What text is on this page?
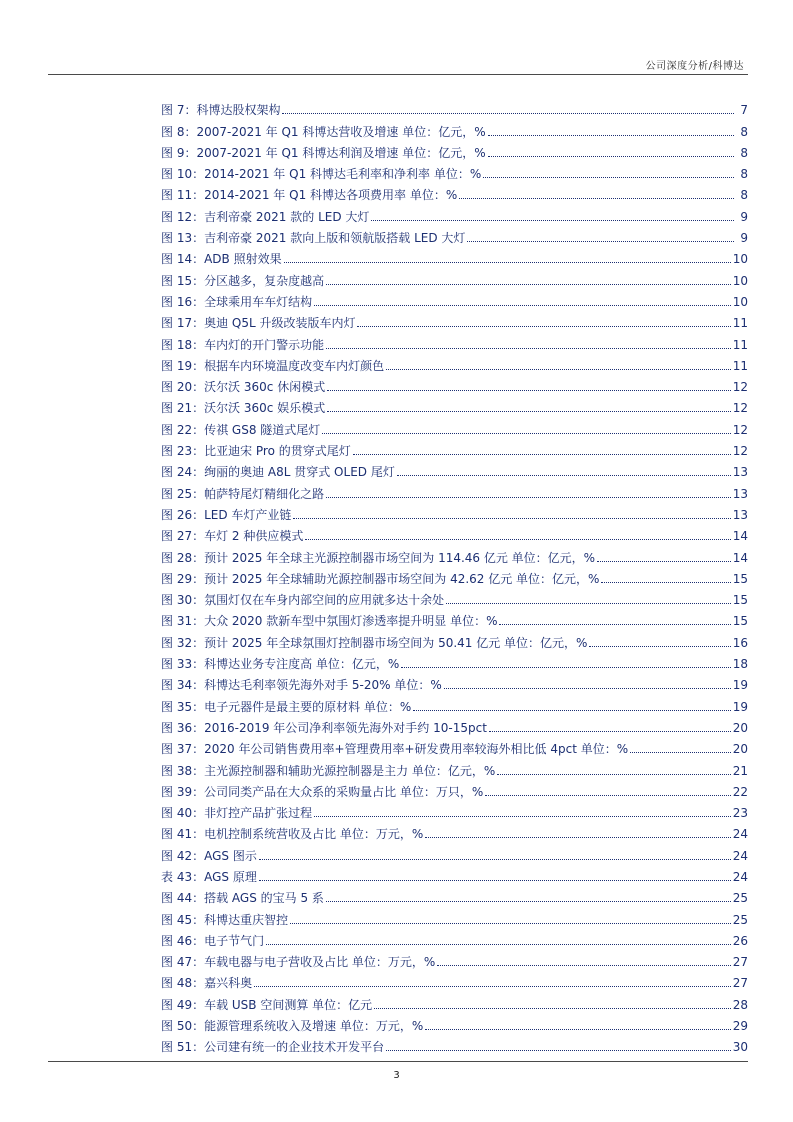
公司深度分析/科博达
图 7：科博达股权架构	7
图 8：2007-2021 年 Q1 科博达营收及增速 单位：亿元，%	8
图 9：2007-2021 年 Q1 科博达利润及增速 单位：亿元，%	8
图 10：2014-2021 年 Q1 科博达毛利率和净利率 单位：%	8
图 11：2014-2021 年 Q1 科博达各项费用率 单位：%	8
图 12：吉利帝豪 2021 款的 LED 大灯	9
图 13：吉利帝豪 2021 款向上版和领航版搭载 LED 大灯	9
图 14：ADB 照射效果	10
图 15：分区越多，复杂度越高	10
图 16：全球乘用车车灯结构	10
图 17：奥迪 Q5L 升级改装版车内灯	11
图 18：车内灯的开门警示功能	11
图 19：根据车内环境温度改变车内灯颜色	11
图 20：沃尔沃 360c 休闲模式	12
图 21：沃尔沃 360c 娱乐模式	12
图 22：传祺 GS8 隧道式尾灯	12
图 23：比亚迪宋 Pro 的贯穿式尾灯	12
图 24：绚丽的奥迪 A8L 贯穿式 OLED 尾灯	13
图 25：帕萨特尾灯精细化之路	13
图 26：LED 车灯产业链	13
图 27：车灯 2 种供应模式	14
图 28：预计 2025 年全球主光源控制器市场空间为 114.46 亿元 单位：亿元，%	14
图 29：预计 2025 年全球辅助光源控制器市场空间为 42.62 亿元 单位：亿元，%	15
图 30：氛围灯仅在车身内部空间的应用就多达十余处	15
图 31：大众 2020 款新车型中氛围灯渗透率提升明显 单位：%	15
图 32：预计 2025 年全球氛围灯控制器市场空间为 50.41 亿元 单位：亿元，%	16
图 33：科博达业务专注度高 单位：亿元，%	18
图 34：科博达毛利率领先海外对手 5-20% 单位：%	19
图 35：电子元器件是最主要的原材料 单位：%	19
图 36：2016-2019 年公司净利率领先海外对手约 10-15pct	20
图 37：2020 年公司销售费用率+管理费用率+研发费用率较海外相比低 4pct 单位：%	20
图 38：主光源控制器和辅助光源控制器是主力 单位：亿元，%	21
图 39：公司同类产品在大众系的采购量占比 单位：万只，%	22
图 40：非灯控产品扩张过程	23
图 41：电机控制系统营收及占比 单位：万元，%	24
图 42：AGS 图示	24
表 43：AGS 原理	24
图 44：搭载 AGS 的宝马 5 系	25
图 45：科博达重庆智控	25
图 46：电子节气门	26
图 47：车载电器与电子营收及占比 单位：万元，%	27
图 48：嘉兴科奥	27
图 49：车载 USB 空间测算 单位：亿元	28
图 50：能源管理系统收入及增速 单位：万元，%	29
图 51：公司建有统一的企业技术开发平台	30
3
